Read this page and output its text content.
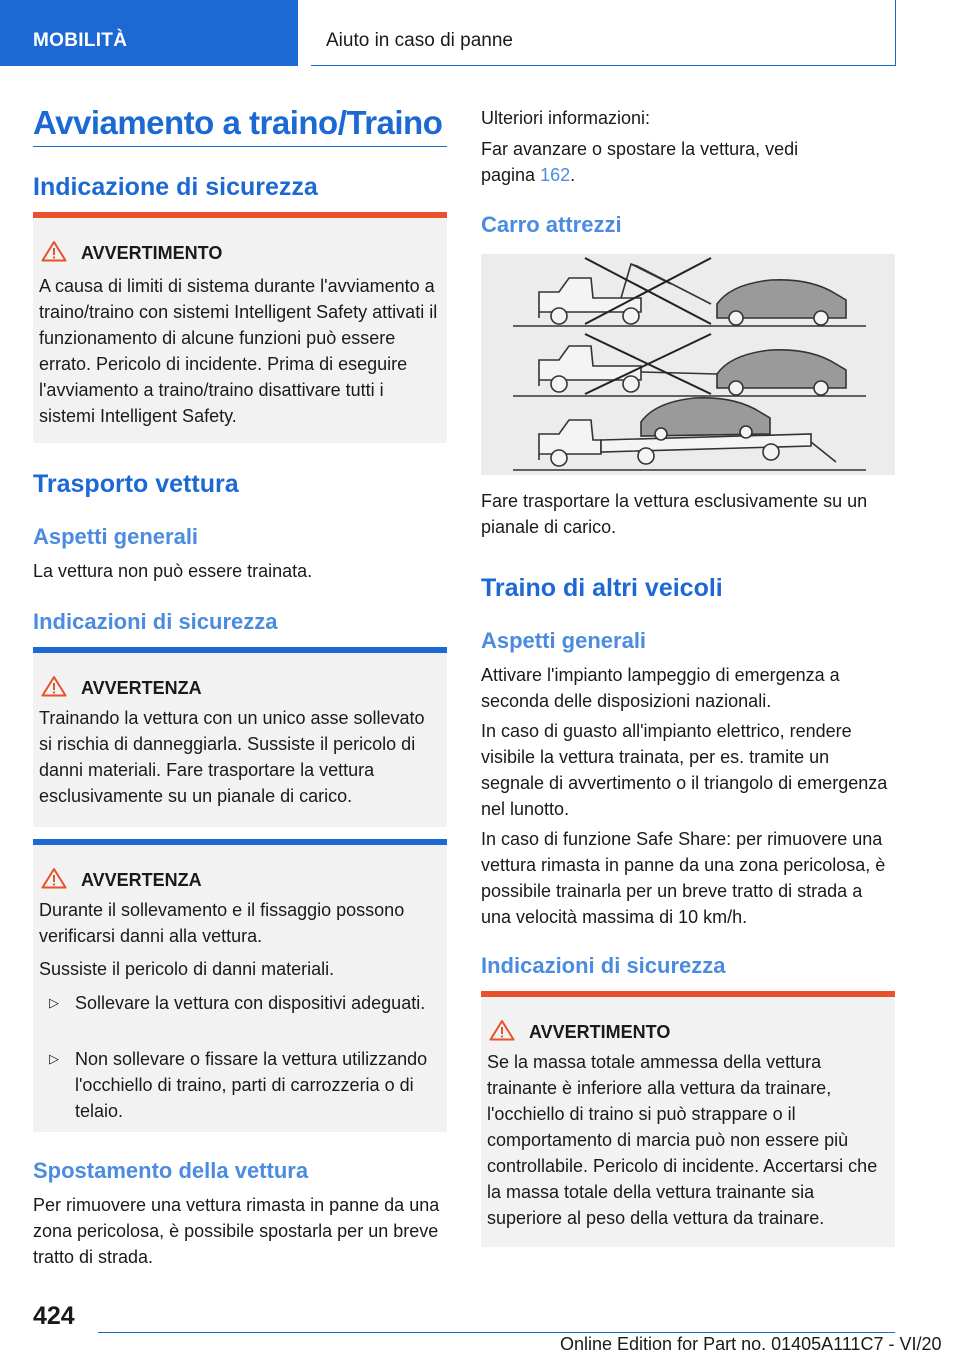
MOBILITÀ	Aiuto in caso di panne
Avviamento a traino/Traino
Indicazione di sicurezza
AVVERTIMENTO

A causa di limiti di sistema durante l'avviamento a traino/traino con sistemi Intelligent Safety attivati il funzionamento di alcune funzioni può essere errato. Pericolo di incidente. Prima di eseguire l'avviamento a traino/traino disattivare tutti i sistemi Intelligent Safety.

Trasporto vettura
Aspetti generali

La vettura non può essere trainata.

Indicazioni di sicurezza
AVVERTENZA

Trainando la vettura con un unico asse sollevato si rischia di danneggiarla. Sussiste il pericolo di danni materiali. Fare trasportare la vettura esclusivamente su un pianale di carico.

AVVERTENZA

Durante il sollevamento e il fissaggio possono verificarsi danni alla vettura.

Sussiste il pericolo di danni materiali.

▷ Sollevare la vettura con dispositivi adeguati.
▷ Non sollevare o fissare la vettura utilizzando l'occhiello di traino, parti di carrozzeria o di telaio.
Spostamento della vettura

Per rimuovere una vettura rimasta in panne da una zona pericolosa, è possibile spostarla per un breve tratto di strada.

Ulteriori informazioni:

Far avanzare o spostare la vettura, vedi pagina 162.

Carro attrezzi

Fare trasportare la vettura esclusivamente su un pianale di carico.

Traino di altri veicoli
Aspetti generali

Attivare l'impianto lampeggio di emergenza a seconda delle disposizioni nazionali.

In caso di guasto all'impianto elettrico, rendere visibile la vettura trainata, per es. tramite un segnale di avvertimento o il triangolo di emergenza nel lunotto.

In caso di funzione Safe Share: per rimuovere una vettura rimasta in panne da una zona pericolosa, è possibile trainarla per un breve tratto di strada a una velocità massima di 10 km/h.

Indicazioni di sicurezza
AVVERTIMENTO

Se la massa totale ammessa della vettura trainante è inferiore alla vettura da trainare, l'occhiello di traino si può strappare o il comportamento di marcia può non essere più controllabile. Pericolo di incidente. Accertarsi che la massa totale della vettura trainante sia superiore al peso della vettura da trainare.

424
Online Edition for Part no. 01405A111C7 - VI/20
